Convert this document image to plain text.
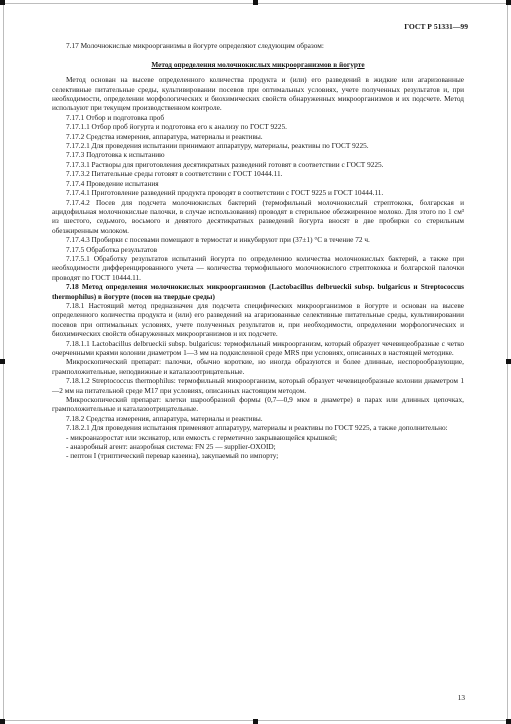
ГОСТ Р 51331—99

7.17 Молочнокислые микроорганизмы в йогурте определяют следующим образом:

Метод определения молочнокислых микроорганизмов в йогурте

Метод основан на высеве определенного количества продукта и (или) его разведений в жидкие или агаризованные селективные питательные среды, культивировании посевов при оптимальных условиях, учете полученных результатов и, при необходимости, определении морфологических и биохимических свойств обнаруженных микроорганизмов и их подсчете. Метод используют при текущем производственном контроле.

7.17.1 Отбор и подготовка проб

7.17.1.1 Отбор проб йогурта и подготовка его к анализу по ГОСТ 9225.

7.17.2 Средства измерения, аппаратура, материалы и реактивы.

7.17.2.1 Для проведения испытании принимают аппаратуру, материалы, реактивы по ГОСТ 9225.

7.17.3 Подготовка к испытанию

7.17.3.1 Растворы для приготовления десятикратных разведений готовят в соответствии с ГОСТ 9225.

7.17.3.2 Питательные среды готовят в соответствии с ГОСТ 10444.11.

7.17.4 Проведение испытания

7.17.4.1 Приготовление разведений продукта проводят в соответствии с ГОСТ 9225 и ГОСТ 10444.11.

7.17.4.2 Посев для подсчета молочнокислых бактерий (термофильный молочнокислый стрептококк, болгарская и ацидофильная молочнокислые палочки, в случае использования) проводят в стерильное обезжиренное молоко. Для этого по 1 см³ из шестого, седьмого, восьмого и девятого десятикратных разведений йогурта вносят в две пробирки со стерильным обезжиренным молоком.

7.17.4.3 Пробирки с посевами помещают в термостат и инкубируют при (37±1) °С в течение 72 ч.

7.17.5 Обработка результатов

7.17.5.1 Обработку результатов испытаний йогурта по определению количества молочнокислых бактерий, а также при необходимости дифференцированного учета — количества термофильного молочнокислого стрептококка и болгарской палочки проводят по ГОСТ 10444.11.

7.18 Метод определения молочнокислых микроорганизмов (Lactobacillus delbrueckii subsp. bulgaricus и Streptococcus thermophilus) в йогурте (посев на твердые среды)

7.18.1 Настоящий метод предназначен для подсчета специфических микроорганизмов в йогурте и основан на высеве определенного количества продукта и (или) его разведений на агаризованные селективные питательные среды, культивировании посевов при оптимальных условиях, учете полученных результатов и, при необходимости, определении морфологических и биохимических свойств обнаруженных микроорганизмов и их подсчете.

7.18.1.1 Lactobacillus delbrueckii subsp. bulgaricus: термофильный микроорганизм, который образует чечевицеобразные с четко очерченными краями колонии диаметром 1—3 мм на подкисленной среде MRS при условиях, описанных в настоящей методике.

Микроскопический препарат: палочки, обычно короткие, но иногда образуются и более длинные, неспорообразующие, грамположительные, неподвижные и каталазоотрицательные.

7.18.1.2 Streptococcus thermophilus: термофильный микроорганизм, который образует чечевицеобразные колонии диаметром 1—2 мм на питательной среде М17 при условиях, описанных настоящим методом.

Микроскопический препарат: клетки шарообразной формы (0,7—0,9 мкм в диаметре) в парах или длинных цепочках, грамположительные и каталазоотрицательные.

7.18.2 Средства измерения, аппаратура, материалы и реактивы.

7.18.2.1 Для проведения испытания применяют аппаратуру, материалы и реактивы по ГОСТ 9225, а также дополнительно:

- микроанаэростат или эксикатор, или емкость с герметично закрывающейся крышкой;

- анаэробный агент: анаэробная система: FN 25 — supplier-OXOID;

- пептон I (триптический перевар казеина), закупаемый по импорту;

13
